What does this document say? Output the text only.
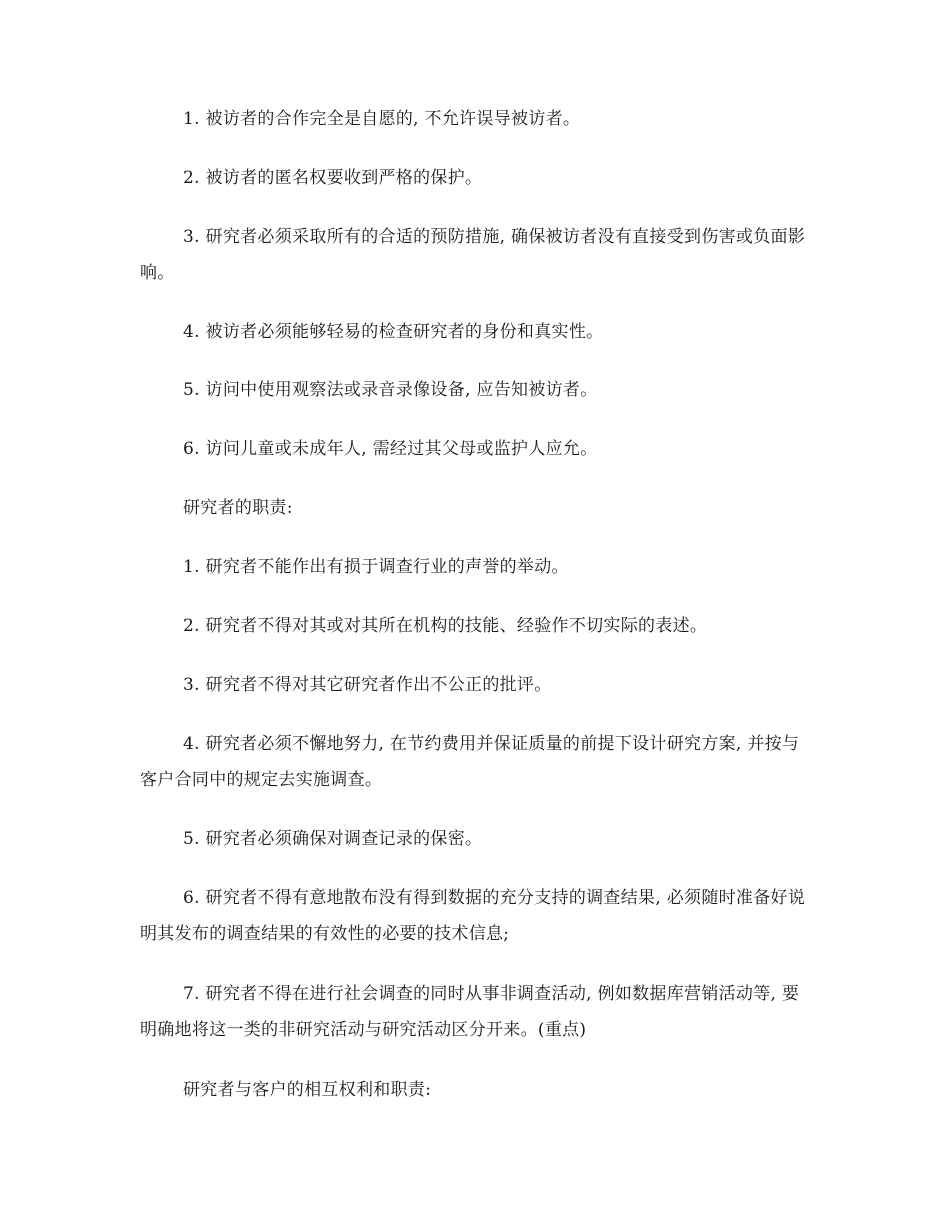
1. 被访者的合作完全是自愿的, 不允许误导被访者。

2. 被访者的匿名权要收到严格的保护。

3. 研究者必须采取所有的合适的预防措施, 确保被访者没有直接受到伤害或负面影响。

4. 被访者必须能够轻易的检查研究者的身份和真实性。

5. 访问中使用观察法或录音录像设备, 应告知被访者。

6. 访问儿童或未成年人, 需经过其父母或监护人应允。

研究者的职责:

1. 研究者不能作出有损于调查行业的声誉的举动。

2. 研究者不得对其或对其所在机构的技能、经验作不切实际的表述。

3. 研究者不得对其它研究者作出不公正的批评。

4. 研究者必须不懈地努力, 在节约费用并保证质量的前提下设计研究方案, 并按与客户合同中的规定去实施调查。

5. 研究者必须确保对调查记录的保密。

6. 研究者不得有意地散布没有得到数据的充分支持的调查结果, 必须随时准备好说明其发布的调查结果的有效性的必要的技术信息;

7. 研究者不得在进行社会调查的同时从事非调查活动, 例如数据库营销活动等, 要明确地将这一类的非研究活动与研究活动区分开来。(重点)

研究者与客户的相互权利和职责:
